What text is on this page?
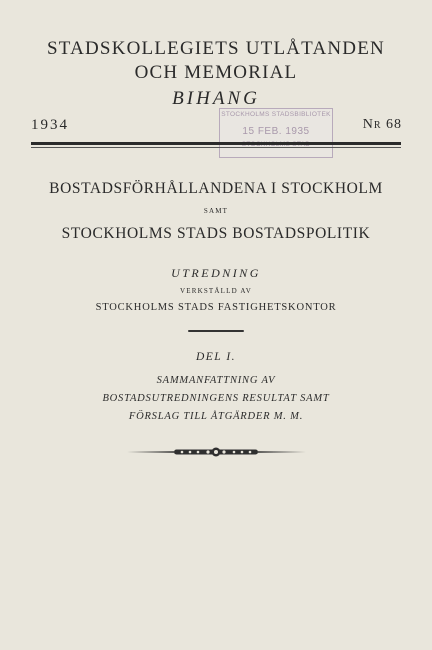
STADSKOLLEGIETS UTLÅTANDEN
OCH MEMORIAL
BIHANG
1934	NR 68
STOCKHOLMS STADSBIBLIOTEK
15 FEB. 1935
BOSTADSFÖRHÅLLANDENA I STOCKHOLM
SAMT
STOCKHOLMS STADS BOSTADSPOLITIK
UTREDNING
VERKSTÄLLD AV
STOCKHOLMS STADS FASTIGHETSKONTOR
DEL I.
SAMMANFATTNING AV
BOSTADSUTREDNINGENS RESULTAT SAMT
FÖRSLAG TILL ÅTGÄRDER M. M.
